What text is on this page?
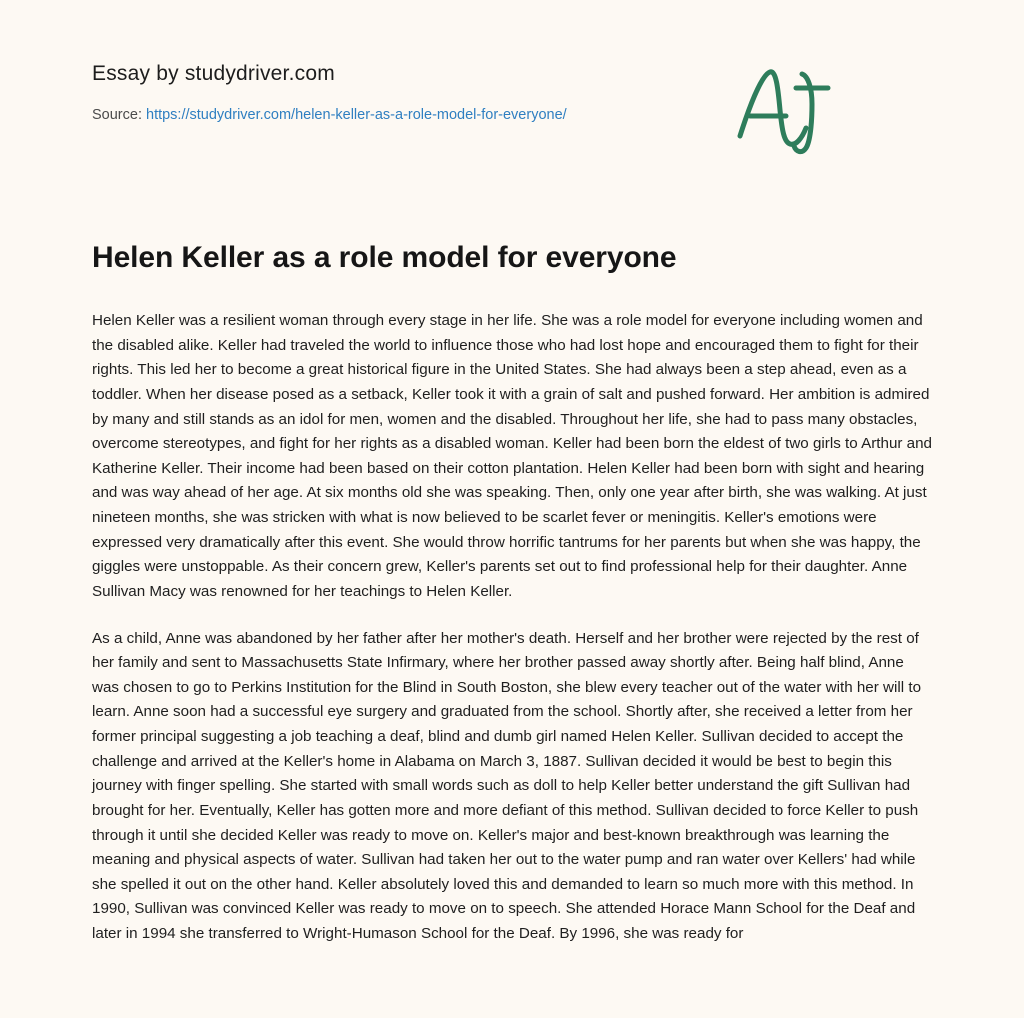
Essay by studydriver.com
Source: https://studydriver.com/helen-keller-as-a-role-model-for-everyone/
Helen Keller as a role model for everyone

Helen Keller was a resilient woman through every stage in her life. She was a role model for everyone including women and the disabled alike. Keller had traveled the world to influence those who had lost hope and encouraged them to fight for their rights. This led her to become a great historical figure in the United States. She had always been a step ahead, even as a toddler. When her disease posed as a setback, Keller took it with a grain of salt and pushed forward. Her ambition is admired by many and still stands as an idol for men, women and the disabled. Throughout her life, she had to pass many obstacles, overcome stereotypes, and fight for her rights as a disabled woman. Keller had been born the eldest of two girls to Arthur and Katherine Keller. Their income had been based on their cotton plantation. Helen Keller had been born with sight and hearing and was way ahead of her age. At six months old she was speaking. Then, only one year after birth, she was walking. At just nineteen months, she was stricken with what is now believed to be scarlet fever or meningitis. Keller's emotions were expressed very dramatically after this event. She would throw horrific tantrums for her parents but when she was happy, the giggles were unstoppable. As their concern grew, Keller's parents set out to find professional help for their daughter. Anne Sullivan Macy was renowned for her teachings to Helen Keller.

As a child, Anne was abandoned by her father after her mother's death. Herself and her brother were rejected by the rest of her family and sent to Massachusetts State Infirmary, where her brother passed away shortly after. Being half blind, Anne was chosen to go to Perkins Institution for the Blind in South Boston, she blew every teacher out of the water with her will to learn. Anne soon had a successful eye surgery and graduated from the school. Shortly after, she received a letter from her former principal suggesting a job teaching a deaf, blind and dumb girl named Helen Keller. Sullivan decided to accept the challenge and arrived at the Keller's home in Alabama on March 3, 1887. Sullivan decided it would be best to begin this journey with finger spelling. She started with small words such as doll to help Keller better understand the gift Sullivan had brought for her. Eventually, Keller has gotten more and more defiant of this method. Sullivan decided to force Keller to push through it until she decided Keller was ready to move on. Keller's major and best-known breakthrough was learning the meaning and physical aspects of water. Sullivan had taken her out to the water pump and ran water over Kellers' had while she spelled it out on the other hand. Keller absolutely loved this and demanded to learn so much more with this method. In 1990, Sullivan was convinced Keller was ready to move on to speech. She attended Horace Mann School for the Deaf and later in 1994 she transferred to Wright-Humason School for the Deaf. By 1996, she was ready for
